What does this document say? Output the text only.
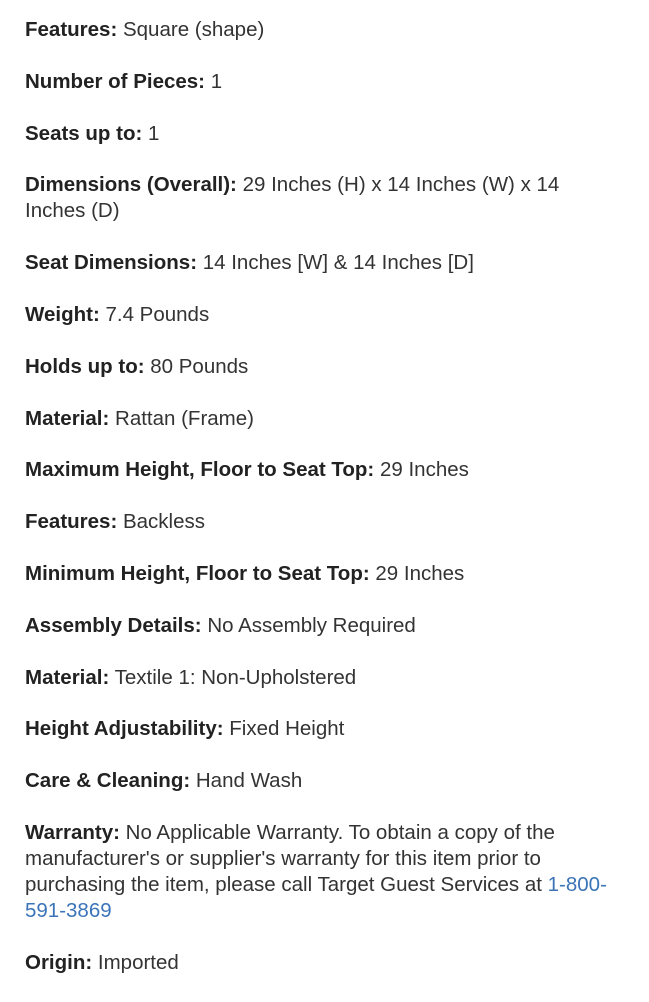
Features: Square (shape)

Number of Pieces: 1

Seats up to: 1

Dimensions (Overall): 29 Inches (H) x 14 Inches (W) x 14 Inches (D)

Seat Dimensions: 14 Inches [W] & 14 Inches [D]

Weight: 7.4 Pounds

Holds up to: 80 Pounds

Material: Rattan (Frame)

Maximum Height, Floor to Seat Top: 29 Inches

Features: Backless

Minimum Height, Floor to Seat Top: 29 Inches

Assembly Details: No Assembly Required

Material: Textile 1: Non-Upholstered

Height Adjustability: Fixed Height

Care & Cleaning: Hand Wash

Warranty: No Applicable Warranty. To obtain a copy of the manufacturer's or supplier's warranty for this item prior to purchasing the item, please call Target Guest Services at 1-800-591-3869

Origin: Imported
